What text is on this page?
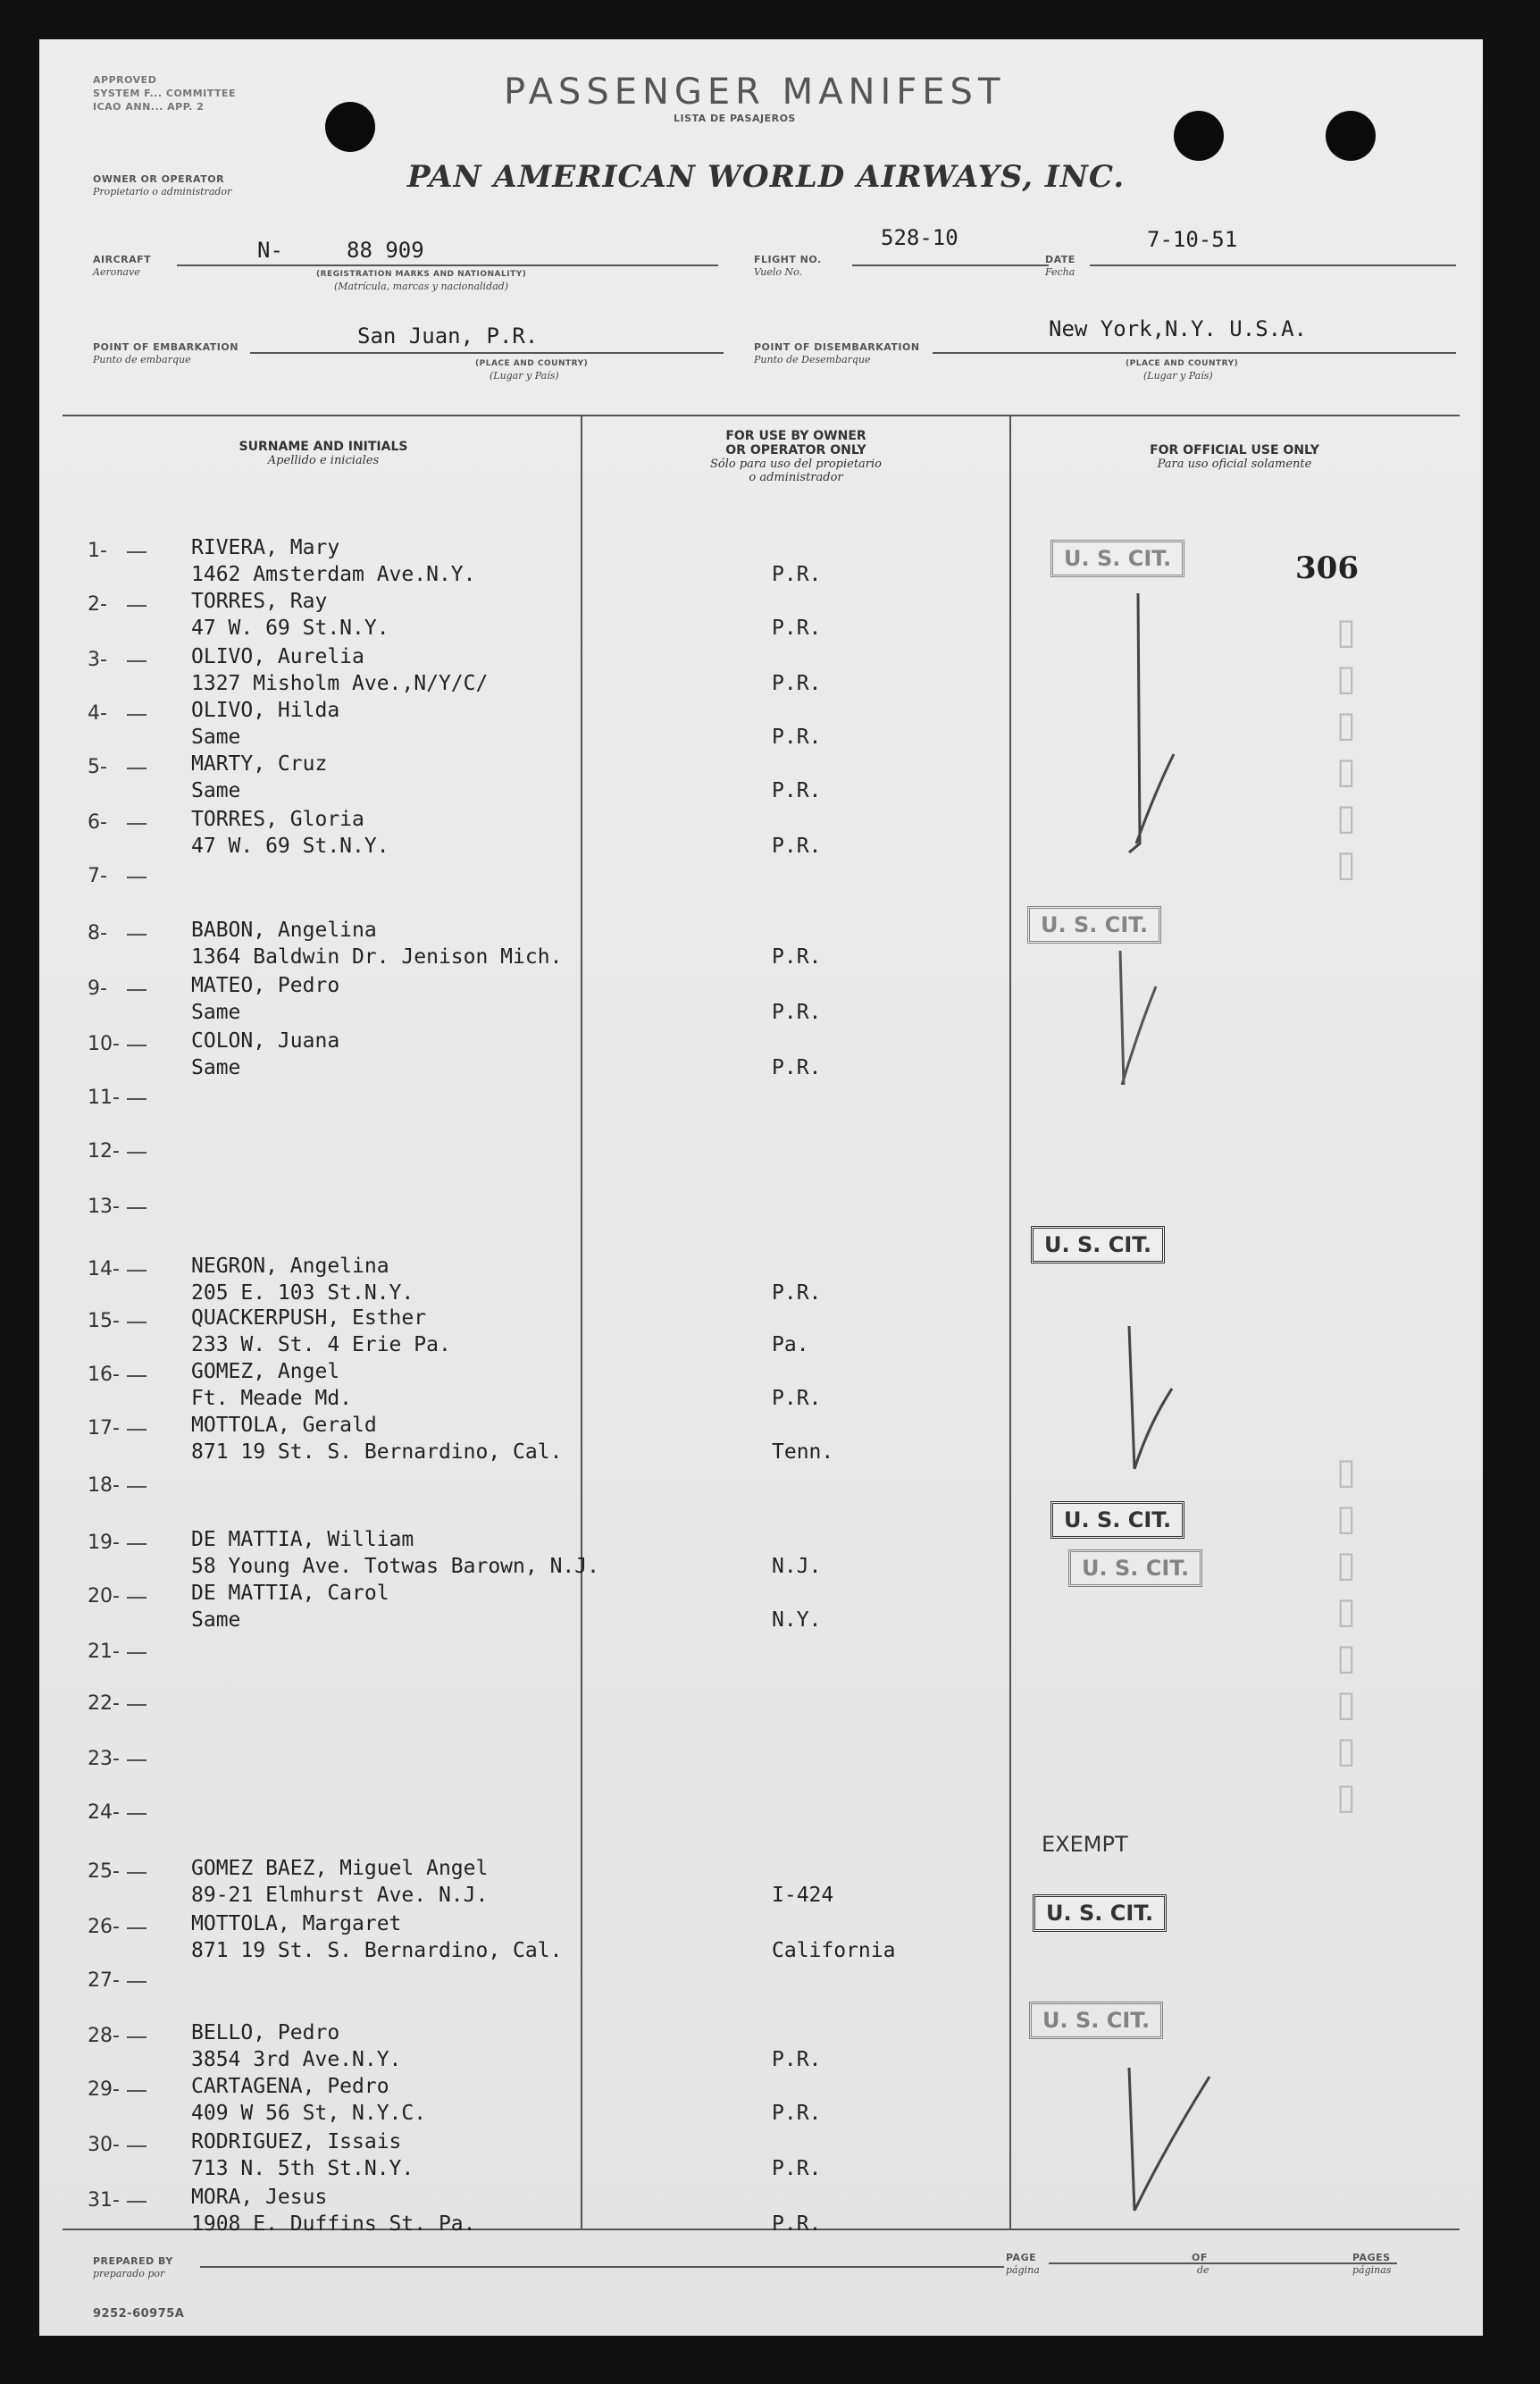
APPROVED
SYSTEM F... COMMITTEE
ICAO ANN... APP. 2	PASSENGER MANIFEST
LISTA DE PASAJEROS
OWNER OR OPERATOR
Propietario o administrador	PAN AMERICAN WORLD AIRWAYS, INC.
AIRCRAFT
Aeronave
N-	88 909
(REGISTRATION MARKS AND NATIONALITY)
(Matrícula, marcas y nacionalidad)
FLIGHT NO.
Vuelo No.
528-10
DATE
Fecha
7-10-51
POINT OF EMBARKATION
Punto de embarque
San Juan, P.R.
(PLACE AND COUNTRY)
(Lugar y País)
POINT OF DISEMBARKATION
Punto de Desembarque
New York,N.Y. U.S.A.
(PLACE AND COUNTRY)
(Lugar y País)
SURNAME AND INITIALS
Apellido e iniciales
FOR USE BY OWNER
OR OPERATOR ONLY
Sólo para uso del propietario
o administrador
FOR OFFICIAL USE ONLY
Para uso oficial solamente
1-	RIVERA, Mary
1462 Amsterdam Ave.N.Y.	P.R.
2-	TORRES, Ray
47 W. 69 St.N.Y.	P.R.
3-	OLIVO, Aurelia
1327 Misholm Ave.,N/Y/C/	P.R.
4-	OLIVO, Hilda
Same	P.R.
5-	MARTY, Cruz
Same	P.R.
6-	TORRES, Gloria
47 W. 69 St.N.Y.	P.R.
7-
8-	BABON, Angelina
1364 Baldwin Dr. Jenison Mich.	P.R.
9-	MATEO, Pedro
Same	P.R.
10-	COLON, Juana
Same	P.R.
11-
12-
13-
14-	NEGRON, Angelina
205 E. 103 St.N.Y.	P.R.
15-	QUACKERPUSH, Esther
233 W. St. 4 Erie Pa.	Pa.
16-	GOMEZ, Angel
Ft. Meade Md.	P.R.
17-	MOTTOLA, Gerald
871 19 St. S. Bernardino, Cal.	Tenn.
18-
19-	DE MATTIA, William
58 Young Ave. Totwas Barown, N.J.	N.J.
20-	DE MATTIA, Carol
Same	N.Y.
21-
22-
23-
24-
25-	GOMEZ BAEZ, Miguel Angel
89-21 Elmhurst Ave. N.J.	I-424
26-	MOTTOLA, Margaret
871 19 St. S. Bernardino, Cal.	California
27-
28-	BELLO, Pedro
3854 3rd Ave.N.Y.	P.R.
29-	CARTAGENA, Pedro
409 W 56 St, N.Y.C.	P.R.
30-	RODRIGUEZ, Issais
713 N. 5th St.N.Y.	P.R.
31-	MORA, Jesus
1908 E. Duffins St. Pa.	P.R.
306
U. S. CIT.
U. S. CIT.
U. S. CIT.
U. S. CIT.
U. S. CIT.
EXEMPT
U. S. CIT.
U. S. CIT.
▯▯▯▯▯▯
▯▯▯▯▯▯▯▯
PREPARED BY
preparado por
PAGE
página
OF
de
PAGES
páginas
9252-60975A
